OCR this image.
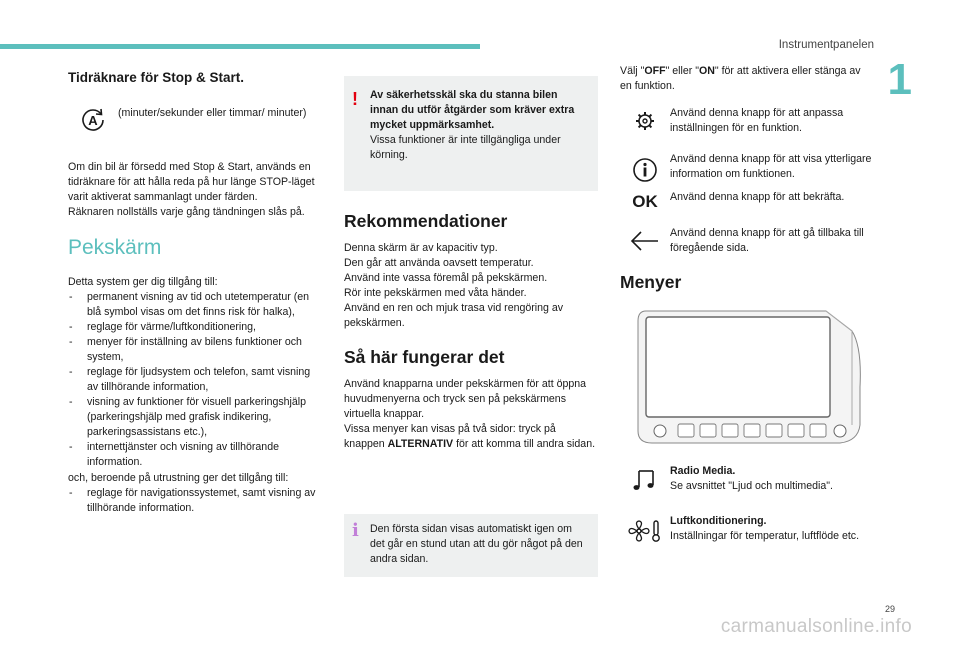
Instrumentpanelen
1
Tidräknare för Stop & Start.
A (minuter/sekunder eller timmar/ minuter)

Om din bil är försedd med Stop & Start, används en tidräknare för att hålla reda på hur länge STOP-läget varit aktiverat sammanlagt under färden.

Räknaren nollställs varje gång tändningen slås på.

Pekskärm

Detta system ger dig tillgång till:

- permanent visning av tid och utetemperatur (en blå symbol visas om det finns risk för halka),
- reglage för värme/luftkonditionering,
- menyer för inställning av bilens funktioner och system,
- reglage för ljudsystem och telefon, samt visning av tillhörande information,
- visning av funktioner för visuell parkeringshjälp (parkeringshjälp med grafisk indikering, parkeringsassistans etc.),
- internettjänster och visning av tillhörande information.

och, beroende på utrustning ger det tillgång till:

- reglage för navigationssystemet, samt visning av tillhörande information.
! Av säkerhetsskäl ska du stanna bilen innan du utför åtgärder som kräver extra mycket uppmärksamhet.

Vissa funktioner är inte tillgängliga under körning.

Rekommendationer

Denna skärm är av kapacitiv typ.

Den går att använda oavsett temperatur.

Använd inte vassa föremål på pekskärmen.

Rör inte pekskärmen med våta händer.

Använd en ren och mjuk trasa vid rengöring av pekskärmen.

Så här fungerar det

Använd knapparna under pekskärmen för att öppna huvudmenyerna och tryck sen på pekskärmens virtuella knappar.

Vissa menyer kan visas på två sidor: tryck på knappen ALTERNATIV för att komma till andra sidan.

i Den första sidan visas automatiskt igen om det går en stund utan att du gör något på den andra sidan.

Välj "OFF" eller "ON" för att aktivera eller stänga av en funktion.

Använd denna knapp för att anpassa inställningen för en funktion.
Använd denna knapp för att visa ytterligare information om funktionen.
OK Använd denna knapp för att bekräfta.
Använd denna knapp för att gå tillbaka till föregående sida.
Menyer

Radio Media.

Se avsnittet "Ljud och multimedia".

Luftkonditionering.

Inställningar för temperatur, luftflöde etc.

29
carmanualsonline.info
